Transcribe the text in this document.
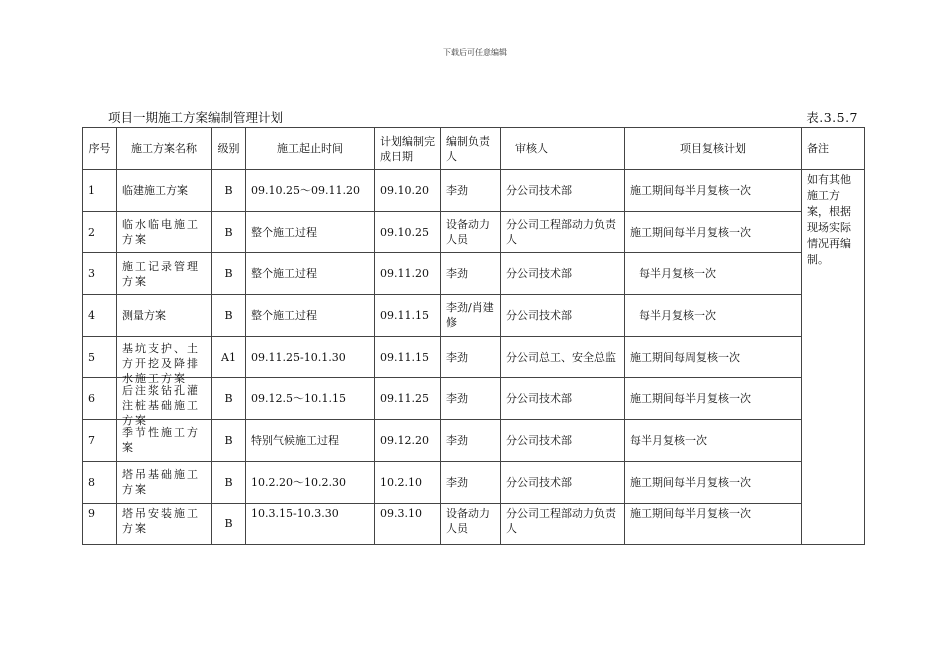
下载后可任意编辑
项目一期施工方案编制管理计划	表.3.5.7
序号	施工方案名称	级别	施工起止时间	计划编制完成日期	编制负责人	审核人	项目复核计划	备注
1	临建施工方案	B	09.10.25～09.11.20	09.10.20	李劲	分公司技术部	施工期间每半月复核一次	如有其他施工方案，根据现场实际情况再编制。
2	临水临电施工方案	B	整个施工过程	09.10.25	设备动力人员	分公司工程部动力负责人	施工期间每半月复核一次	
3	施工记录管理方案	B	整个施工过程	09.11.20	李劲	分公司技术部	每半月复核一次	
4	测量方案	B	整个施工过程	09.11.15	李劲/肖建修	分公司技术部	每半月复核一次	
5	基坑支护、土方开挖及降排水施工方案	A1	09.11.25-10.1.30	09.11.15	李劲	分公司总工、安全总监	施工期间每周复核一次	
6	后注浆钻孔灌注桩基础施工方案	B	09.12.5～10.1.15	09.11.25	李劲	分公司技术部	施工期间每半月复核一次	
7	季节性施工方案	B	特别气候施工过程	09.12.20	李劲	分公司技术部	每半月复核一次	
8	塔吊基础施工方案	B	10.2.20～10.2.30	10.2.10	李劲	分公司技术部	施工期间每半月复核一次	
9	塔吊安装施工方案	B	10.3.15-10.3.30	09.3.10	设备动力人员	分公司工程部动力负责人	施工期间每半月复核一次	
